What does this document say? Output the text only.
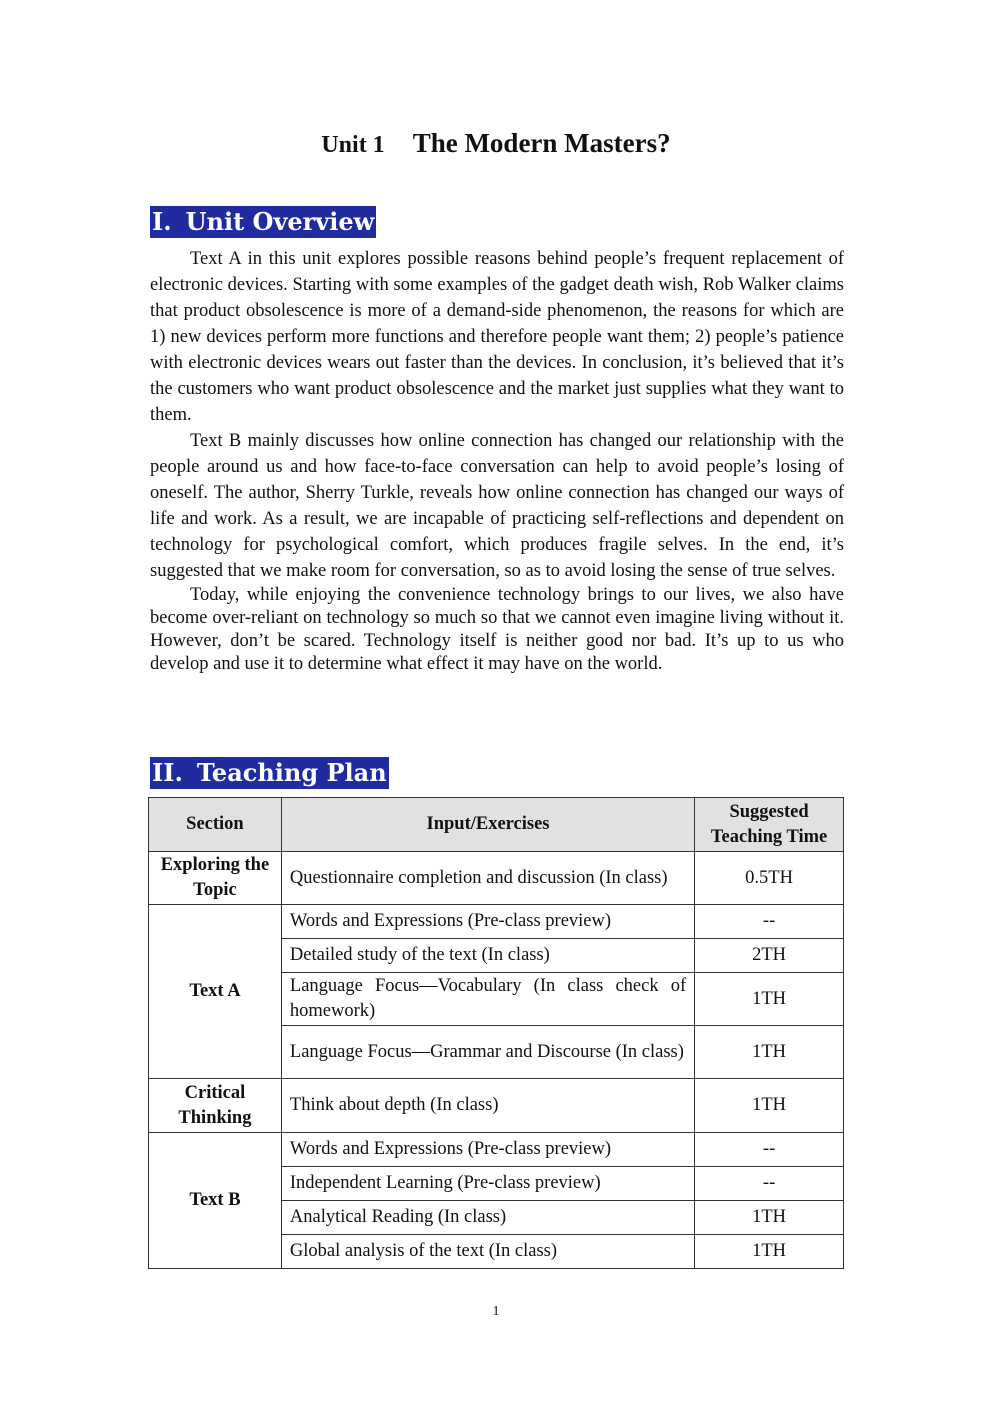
Unit 1 The Modern Masters?
I. Unit Overview

Text A in this unit explores possible reasons behind people’s frequent replacement of electronic devices. Starting with some examples of the gadget death wish, Rob Walker claims that product obsolescence is more of a demand-side phenomenon, the reasons for which are 1) new devices perform more functions and therefore people want them; 2) people’s patience with electronic devices wears out faster than the devices. In conclusion, it’s believed that it’s the customers who want product obsolescence and the market just supplies what they want to them.

Text B mainly discusses how online connection has changed our relationship with the people around us and how face-to-face conversation can help to avoid people’s losing of oneself. The author, Sherry Turkle, reveals how online connection has changed our ways of life and work. As a result, we are incapable of practicing self-reflections and dependent on technology for psychological comfort, which produces fragile selves. In the end, it’s suggested that we make room for conversation, so as to avoid losing the sense of true selves.

Today, while enjoying the convenience technology brings to our lives, we also have become over-reliant on technology so much so that we cannot even imagine living without it. However, don’t be scared. Technology itself is neither good nor bad. It’s up to us who develop and use it to determine what effect it may have on the world.

II. Teaching Plan
Section	Input/Exercises	Suggested Teaching Time
Exploring the Topic	Questionnaire completion and discussion (In class)	0.5TH
Text A	Words and Expressions (Pre-class preview)	--
	Detailed study of the text (In class)	2TH
	Language Focus—Vocabulary (In class check of homework)	1TH
	Language Focus—Grammar and Discourse (In class)	1TH
Critical Thinking	Think about depth (In class)	1TH
Text B	Words and Expressions (Pre-class preview)	--
	Independent Learning (Pre-class preview)	--
	Analytical Reading (In class)	1TH
	Global analysis of the text (In class)	1TH
1
